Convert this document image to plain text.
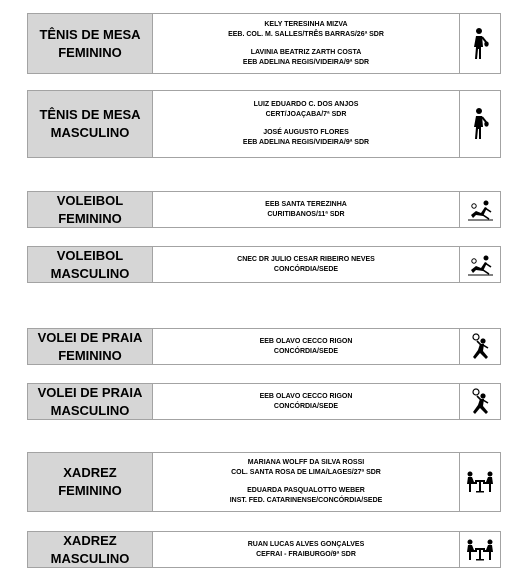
TÊNIS DE MESA
FEMININO
KELY TERESINHA MIZVA
EEB. COL. M. SALLES/TRÊS BARRAS/26ª SDR
LAVINIA BEATRIZ ZARTH COSTA
EEB ADELINA REGIS/VIDEIRA/9ª SDR
TÊNIS DE MESA
MASCULINO
LUIZ EDUARDO C. DOS ANJOS
CERT/JOAÇABA/7ª SDR
JOSÉ AUGUSTO FLORES
EEB ADELINA REGIS/VIDEIRA/9ª SDR
VOLEIBOL
FEMININO
EEB SANTA TEREZINHA
CURITIBANOS/11ª SDR
VOLEIBOL
MASCULINO
CNEC DR JULIO CESAR RIBEIRO NEVES
CONCÓRDIA/SEDE
VOLEI DE PRAIA
FEMININO
EEB OLAVO CECCO RIGON
CONCÓRDIA/SEDE
VOLEI DE PRAIA
MASCULINO
EEB OLAVO CECCO RIGON
CONCÓRDIA/SEDE
XADREZ
FEMININO
MARIANA WOLFF DA SILVA ROSSI
COL. SANTA ROSA DE LIMA/LAGES/27ª SDR
EDUARDA PASQUALOTTO WEBER
INST. FED. CATARINENSE/CONCÓRDIA/SEDE
XADREZ
MASCULINO
RUAN LUCAS ALVES GONÇALVES
CEFRAI - FRAIBURGO/9ª SDR
